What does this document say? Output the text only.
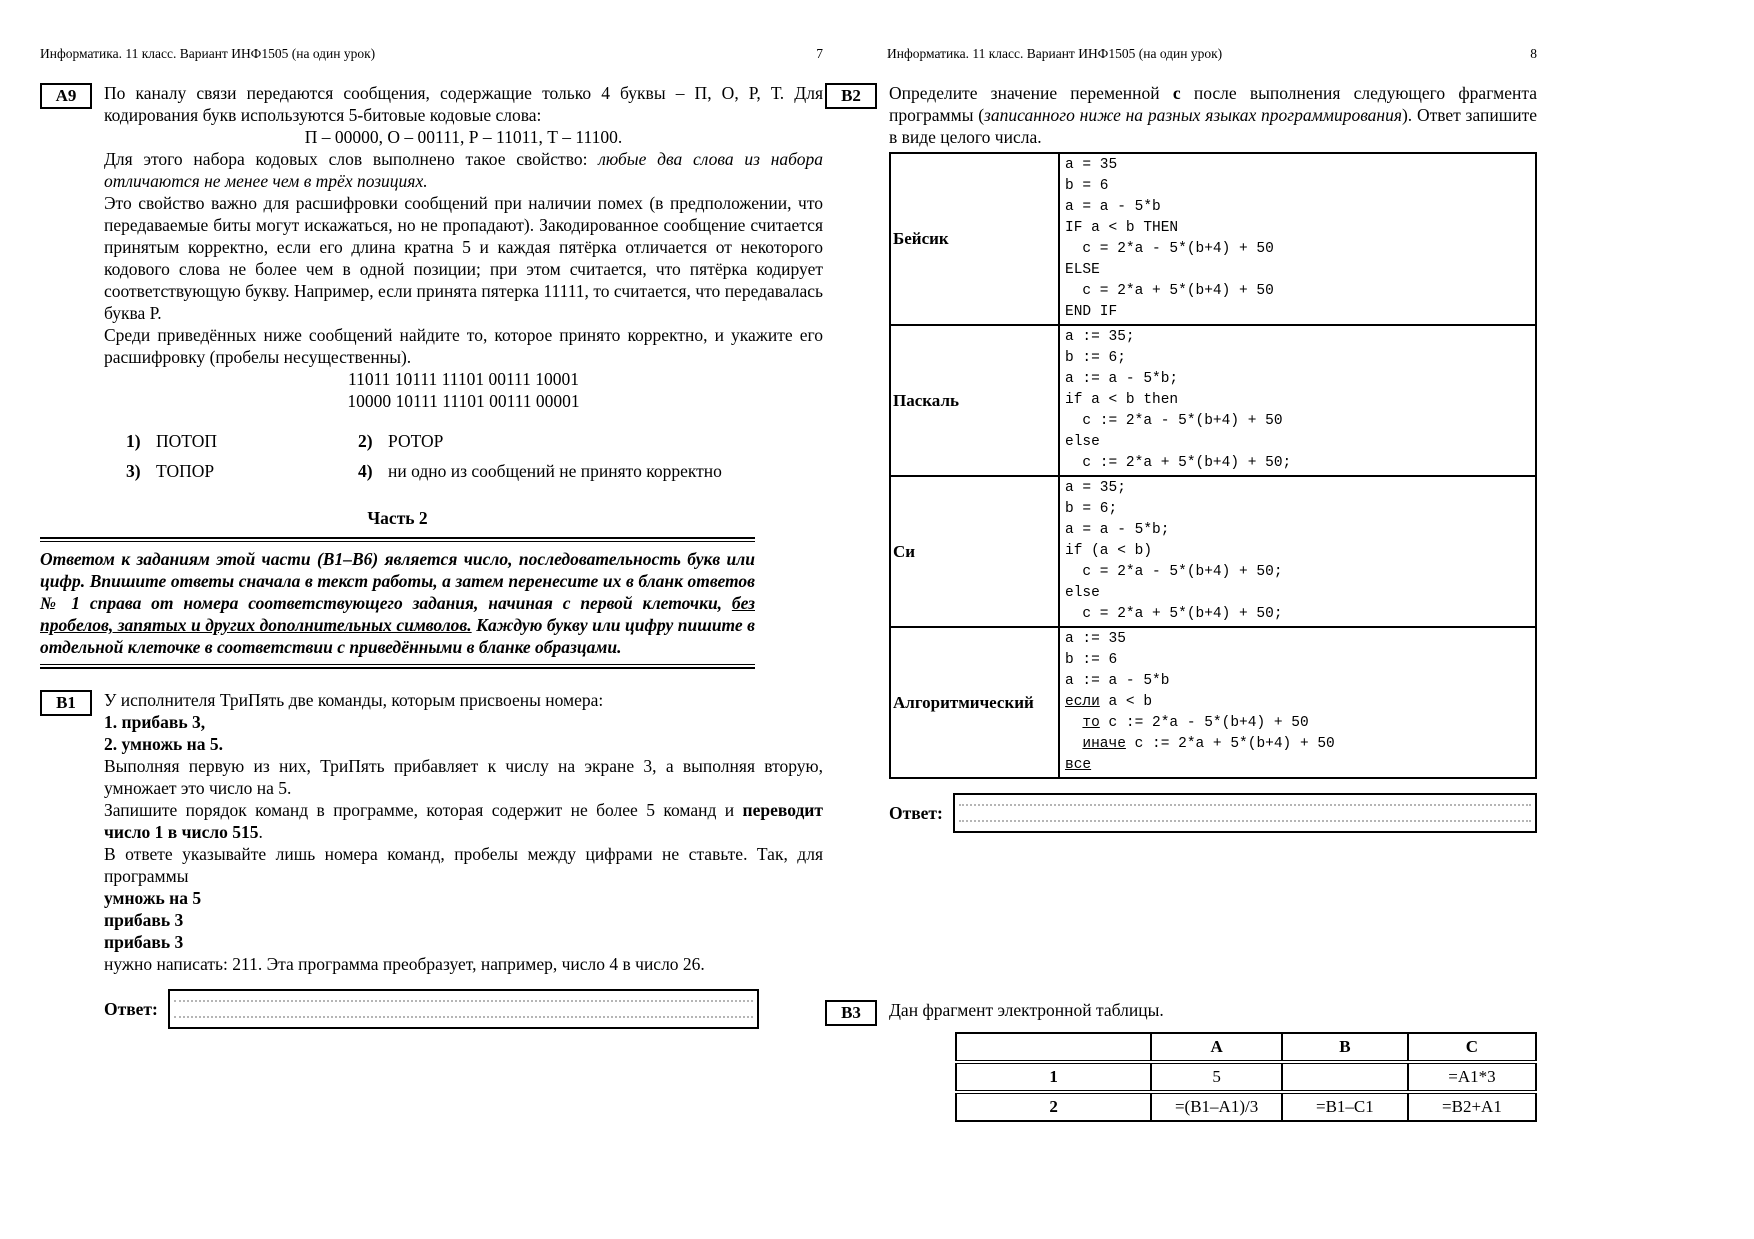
Информатика. 11 класс. Вариант ИНФ1505 (на один урок)	7
А9	По каналу связи передаются сообщения, содержащие только 4 буквы – П, О, Р, Т. Для кодирования букв используются 5-битовые кодовые слова:

П – 00000, О – 00111, Р – 11011, Т – 11100.

Для этого набора кодовых слов выполнено такое свойство: любые два слова из набора отличаются не менее чем в трёх позициях.

Это свойство важно для расшифровки сообщений при наличии помех (в предположении, что передаваемые биты могут искажаться, но не пропадают). Закодированное сообщение считается принятым корректно, если его длина кратна 5 и каждая пятёрка отличается от некоторого кодового слова не более чем в одной позиции; при этом считается, что пятёрка кодирует соответствующую букву. Например, если принята пятерка 11111, то считается, что передавалась буква Р.

Среди приведённых ниже сообщений найдите то, которое принято корректно, и укажите его расшифровку (пробелы несущественны).

11011 10111 11101 00111 10001
10000 10111 11101 00111 00001
1) ПОТОП	2) РОТОР
3) ТОПОР	4) ни одно из сообщений не принято корректно
Часть 2

Ответом к заданиям этой части (В1–В6) является число, последовательность букв или цифр. Впишите ответы сначала в текст работы, а затем перенесите их в бланк ответов № 1 справа от номера соответствующего задания, начиная с первой клеточки, без пробелов, запятых и других дополнительных символов. Каждую букву или цифру пишите в отдельной клеточке в соответствии с приведёнными в бланке образцами.

В1	У исполнителя ТриПять две команды, которым присвоены номера:

1. прибавь 3,

2. умножь на 5.

Выполняя первую из них, ТриПять прибавляет к числу на экране 3, а выполняя вторую, умножает это число на 5.

Запишите порядок команд в программе, которая содержит не более 5 команд и переводит число 1 в число 515.

В ответе указывайте лишь номера команд, пробелы между цифрами не ставьте. Так, для программы

умножь на 5

прибавь 3

прибавь 3

нужно написать: 211. Эта программа преобразует, например, число 4 в число 26.

Ответ:
Информатика. 11 класс. Вариант ИНФ1505 (на один урок)	8
В2	Определите значение переменной c после выполнения следующего фрагмента программы (записанного ниже на разных языках программирования). Ответ запишите в виде целого числа.

Бейсик	
a = 35
b = 6
a = a - 5*b
IF a < b THEN
c = 2*a - 5*(b+4) + 50
ELSE
c = 2*a + 5*(b+4) + 50
END IF

Паскаль	
a := 35;
b := 6;
a := a - 5*b;
if a < b then
c := 2*a - 5*(b+4) + 50
else
c := 2*a + 5*(b+4) + 50;

Си	
a = 35;
b = 6;
a = a - 5*b;
if (a < b)
c = 2*a - 5*(b+4) + 50;
else
c = 2*a + 5*(b+4) + 50;

Алгоритмический	
a := 35
b := 6
a := a - 5*b
если a < b
то c := 2*a - 5*(b+4) + 50
иначе c := 2*a + 5*(b+4) + 50
все
Ответ:
В3	Дан фрагмент электронной таблицы.

	A	B	C
1	5		=A1*3
2	=(B1–A1)/3	=B1–C1	=B2+A1
